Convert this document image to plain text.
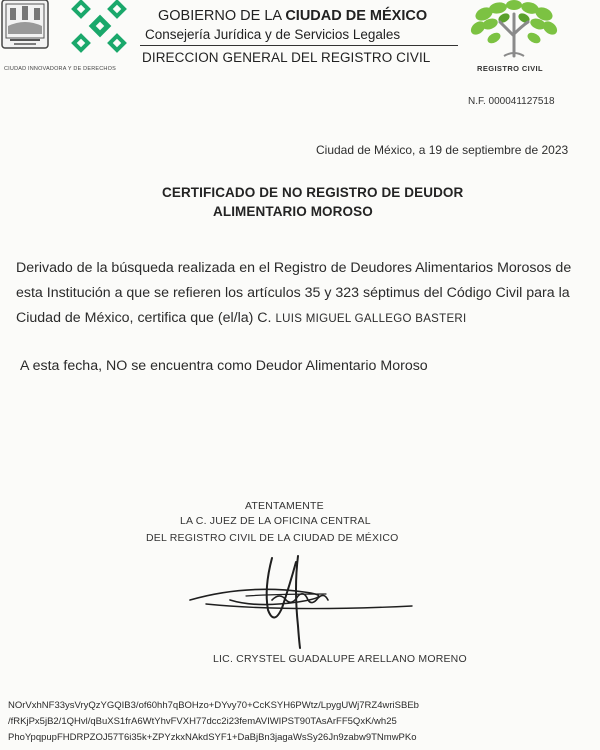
CIUDAD INNOVADORA Y DE DERECHOS
GOBIERNO DE LA CIUDAD DE MÉXICO
Consejería Jurídica y de Servicios Legales
DIRECCION GENERAL DEL REGISTRO CIVIL
REGISTRO CIVIL
N.F. 000041127518
Ciudad de México, a 19 de septiembre de 2023
CERTIFICADO DE NO REGISTRO DE DEUDOR
ALIMENTARIO MOROSO
Derivado de la búsqueda realizada en el Registro de Deudores Alimentarios Morosos de
esta Institución a que se refieren los artículos 35 y 323 séptimus del Código Civil para la
Ciudad de México, certifica que (el/la) C. LUIS MIGUEL GALLEGO BASTERI
A esta fecha, NO se encuentra como Deudor Alimentario Moroso
ATENTAMENTE
LA C. JUEZ DE LA OFICINA CENTRAL
DEL REGISTRO CIVIL DE LA CIUDAD DE MÉXICO
LIC. CRYSTEL GUADALUPE ARELLANO MORENO
NOrVxhNF33ysVryQzYGQIB3/of60hh7qBOHzo+DYvy70+CcKSYH6PWtz/LpygUWj7RZ4wriSBEb
/fRKjPx5jB2/1QHvl/qBuXS1frA6WtYhvFVXH77dcc2i23femAVIWIPST90TAsArFF5QxK/wh25
PhoYpqpupFHDRPZOJ57T6i35k+ZPYzkxNAkdSYF1+DaBjBn3jagaWsSy26Jn9zabw9TNmwPKo
